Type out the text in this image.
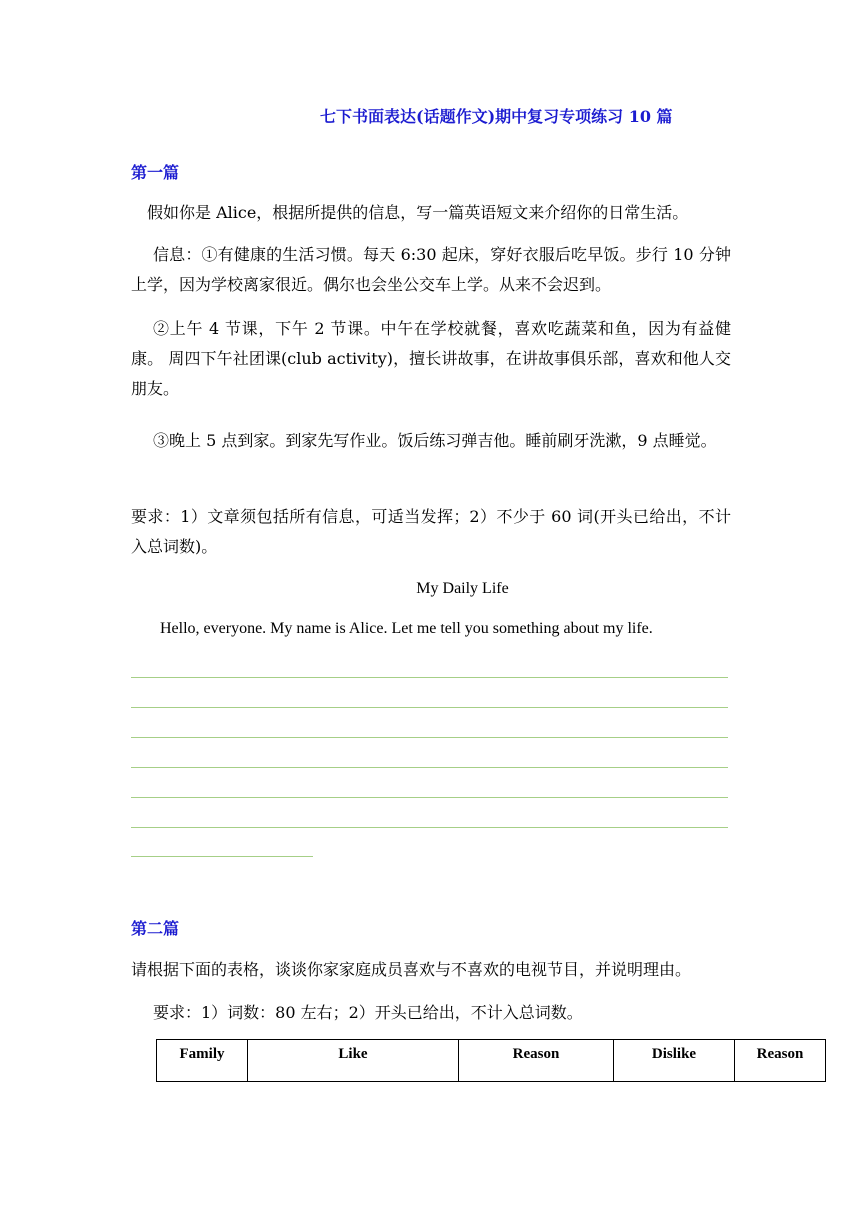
七下书面表达(话题作文)期中复习专项练习 10 篇
第一篇
假如你是 Alice，根据所提供的信息，写一篇英语短文来介绍你的日常生活。
信息：①有健康的生活习惯。每天 6:30 起床，穿好衣服后吃早饭。步行 10 分钟上学，因为学校离家很近。偶尔也会坐公交车上学。从来不会迟到。
②上午 4 节课，下午 2 节课。中午在学校就餐，喜欢吃蔬菜和鱼，因为有益健康。 周四下午社团课(club activity)，擅长讲故事，在讲故事俱乐部，喜欢和他人交朋友。
③晚上 5 点到家。到家先写作业。饭后练习弹吉他。睡前刷牙洗漱，9 点睡觉。
要求：1）文章须包括所有信息，可适当发挥；2）不少于 60 词(开头已给出，不计入总词数)。
My Daily Life
Hello, everyone. My name is Alice. Let me tell you something about my life.
第二篇
请根据下面的表格，谈谈你家家庭成员喜欢与不喜欢的电视节目，并说明理由。
要求：1）词数：80 左右；2）开头已给出，不计入总词数。
Family	Like	Reason	Dislike	Reason
